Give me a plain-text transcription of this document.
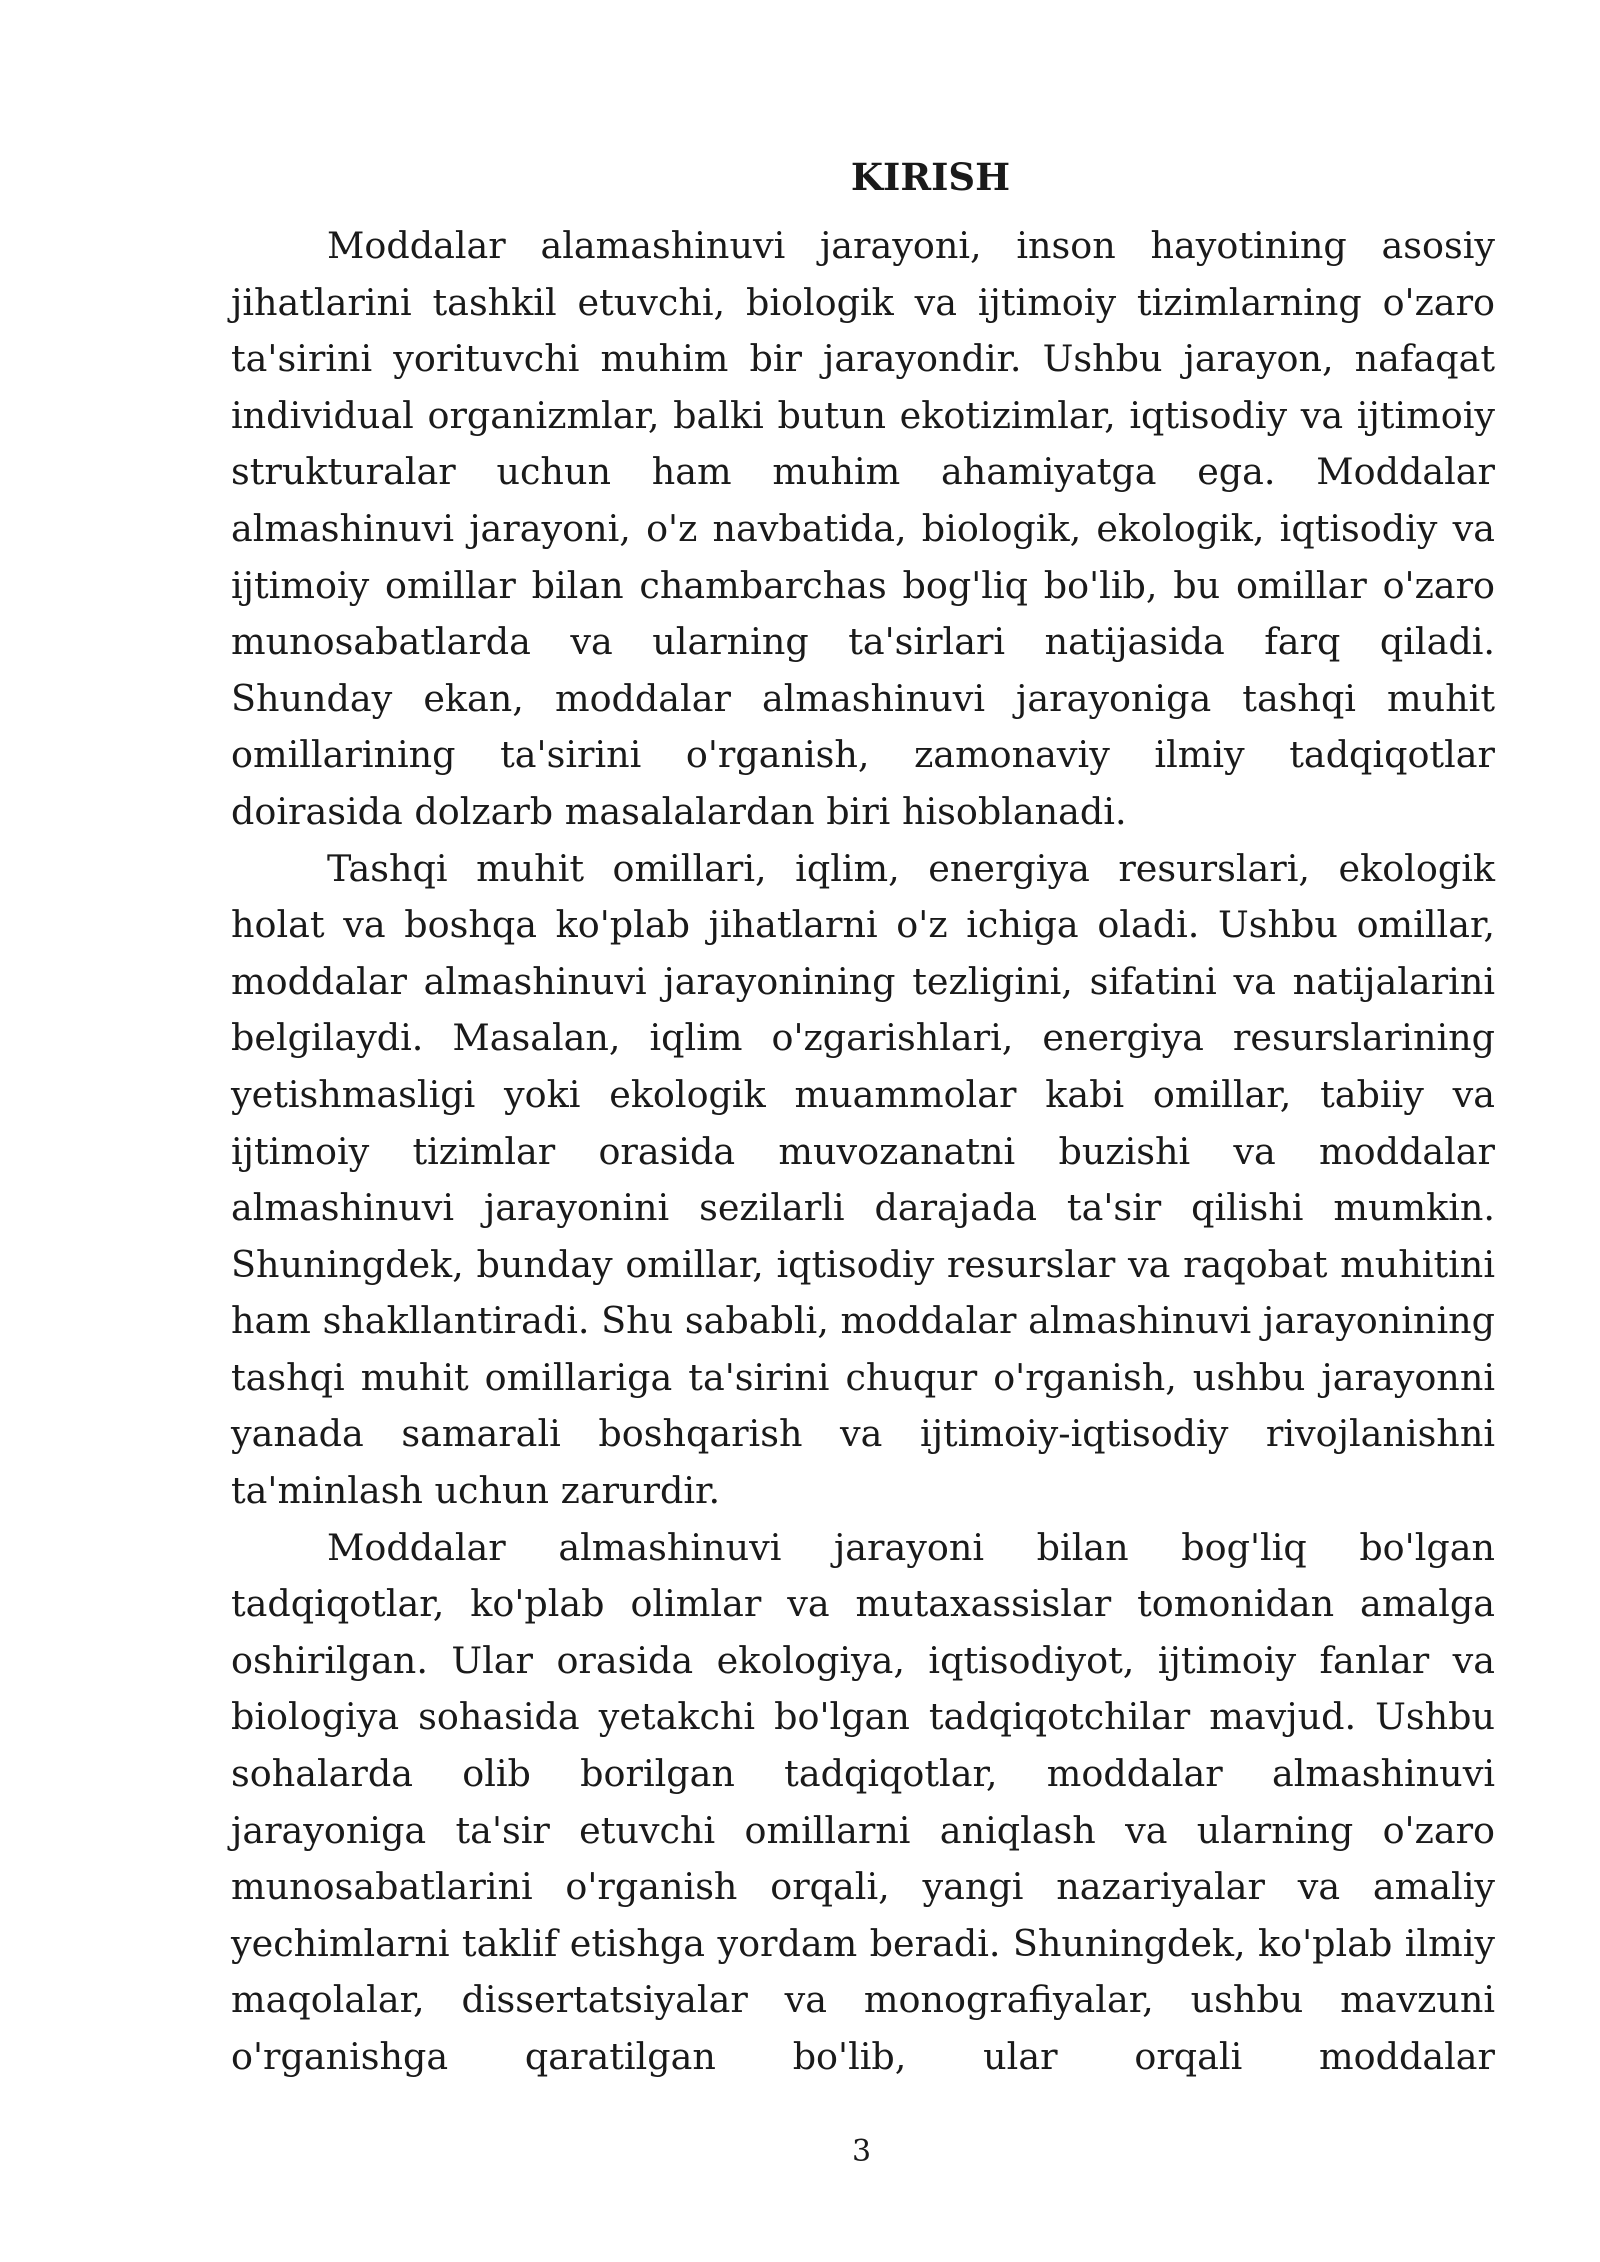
KIRISH

Moddalar alamashinuvi jarayoni, inson hayotining asosiy jihatlarini tashkil etuvchi, biologik va ijtimoiy tizimlarning o'zaro ta'sirini yorituvchi muhim bir jarayondir. Ushbu jarayon, nafaqat individual organizmlar, balki butun ekotizimlar, iqtisodiy va ijtimoiy strukturalar uchun ham muhim ahamiyatga ega. Moddalar almashinuvi jarayoni, o'z navbatida, biologik, ekologik, iqtisodiy va ijtimoiy omillar bilan chambarchas bog'liq bo'lib, bu omillar o'zaro munosabatlarda va ularning ta'sirlari natijasida farq qiladi. Shunday ekan, moddalar almashinuvi jarayoniga tashqi muhit omillarining ta'sirini o'rganish, zamonaviy ilmiy tadqiqotlar doirasida dolzarb masalalardan biri hisoblanadi.

Tashqi muhit omillari, iqlim, energiya resurslari, ekologik holat va boshqa ko'plab jihatlarni o'z ichiga oladi. Ushbu omillar, moddalar almashinuvi jarayonining tezligini, sifatini va natijalarini belgilaydi. Masalan, iqlim o'zgarishlari, energiya resurslarining yetishmasligi yoki ekologik muammolar kabi omillar, tabiiy va ijtimoiy tizimlar orasida muvozanatni buzishi va moddalar almashinuvi jarayonini sezilarli darajada ta'sir qilishi mumkin. Shuningdek, bunday omillar, iqtisodiy resurslar va raqobat muhitini ham shakllantiradi. Shu sababli, moddalar almashinuvi jarayonining tashqi muhit omillariga ta'sirini chuqur o'rganish, ushbu jarayonni yanada samarali boshqarish va ijtimoiy-iqtisodiy rivojlanishni ta'minlash uchun zarurdir.

Moddalar almashinuvi jarayoni bilan bog'liq bo'lgan tadqiqotlar, ko'plab olimlar va mutaxassislar tomonidan amalga oshirilgan. Ular orasida ekologiya, iqtisodiyot, ijtimoiy fanlar va biologiya sohasida yetakchi bo'lgan tadqiqotchilar mavjud. Ushbu sohalarda olib borilgan tadqiqotlar, moddalar almashinuvi jarayoniga ta'sir etuvchi omillarni aniqlash va ularning o'zaro munosabatlarini o'rganish orqali, yangi nazariyalar va amaliy yechimlarni taklif etishga yordam beradi. Shuningdek, ko'plab ilmiy maqolalar, dissertatsiyalar va monografiyalar, ushbu mavzuni o'rganishga qaratilgan bo'lib, ular orqali moddalar

3
